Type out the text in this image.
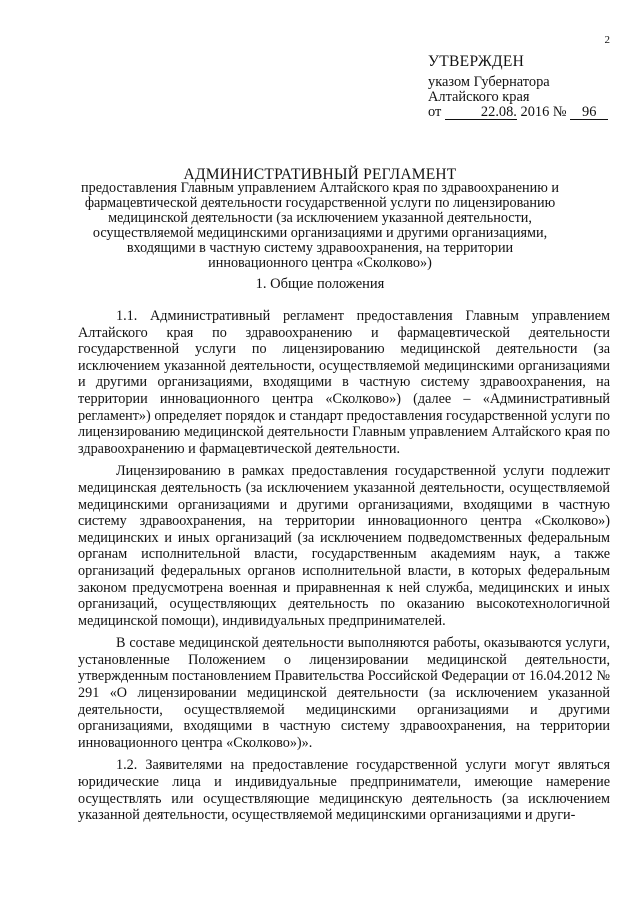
2
УТВЕРЖДЕН
указом Губернатора
Алтайского края
от	22.08. 2016 № 96
АДМИНИСТРАТИВНЫЙ РЕГЛАМЕНТ
предоставления Главным управлением Алтайского края по здравоохранению и фармацевтической деятельности государственной услуги по лицензированию медицинской деятельности (за исключением указанной деятельности, осуществляемой медицинскими организациями и другими организациями, входящими в частную систему здравоохранения, на территории инновационного центра «Сколково»)
1. Общие положения

1.1. Административный регламент предоставления Главным управлением Алтайского края по здравоохранению и фармацевтической деятельности государственной услуги по лицензированию медицинской деятельности (за исключением указанной деятельности, осуществляемой медицинскими организациями и другими организациями, входящими в частную систему здравоохранения, на территории инновационного центра «Сколково») (далее – «Административный регламент») определяет порядок и стандарт предоставления государственной услуги по лицензированию медицинской деятельности Главным управлением Алтайского края по здравоохранению и фармацевтической деятельности.

Лицензированию в рамках предоставления государственной услуги подлежит медицинская деятельность (за исключением указанной деятельности, осуществляемой медицинскими организациями и другими организациями, входящими в частную систему здравоохранения, на территории инновационного центра «Сколково») медицинских и иных организаций (за исключением подведомственных федеральным органам исполнительной власти, государственным академиям наук, а также организаций федеральных органов исполнительной власти, в которых федеральным законом предусмотрена военная и приравненная к ней служба, медицинских и иных организаций, осуществляющих деятельность по оказанию высокотехнологичной медицинской помощи), индивидуальных предпринимателей.

В составе медицинской деятельности выполняются работы, оказываются услуги, установленные Положением о лицензировании медицинской деятельности, утвержденным постановлением Правительства Российской Федерации от 16.04.2012 № 291 «О лицензировании медицинской деятельности (за исключением указанной деятельности, осуществляемой медицинскими организациями и другими организациями, входящими в частную систему здравоохранения, на территории инновационного центра «Сколково»)».

1.2. Заявителями на предоставление государственной услуги могут являться юридические лица и индивидуальные предприниматели, имеющие намерение осуществлять или осуществляющие медицинскую деятельность (за исключением указанной деятельности, осуществляемой медицинскими организациями и други-
